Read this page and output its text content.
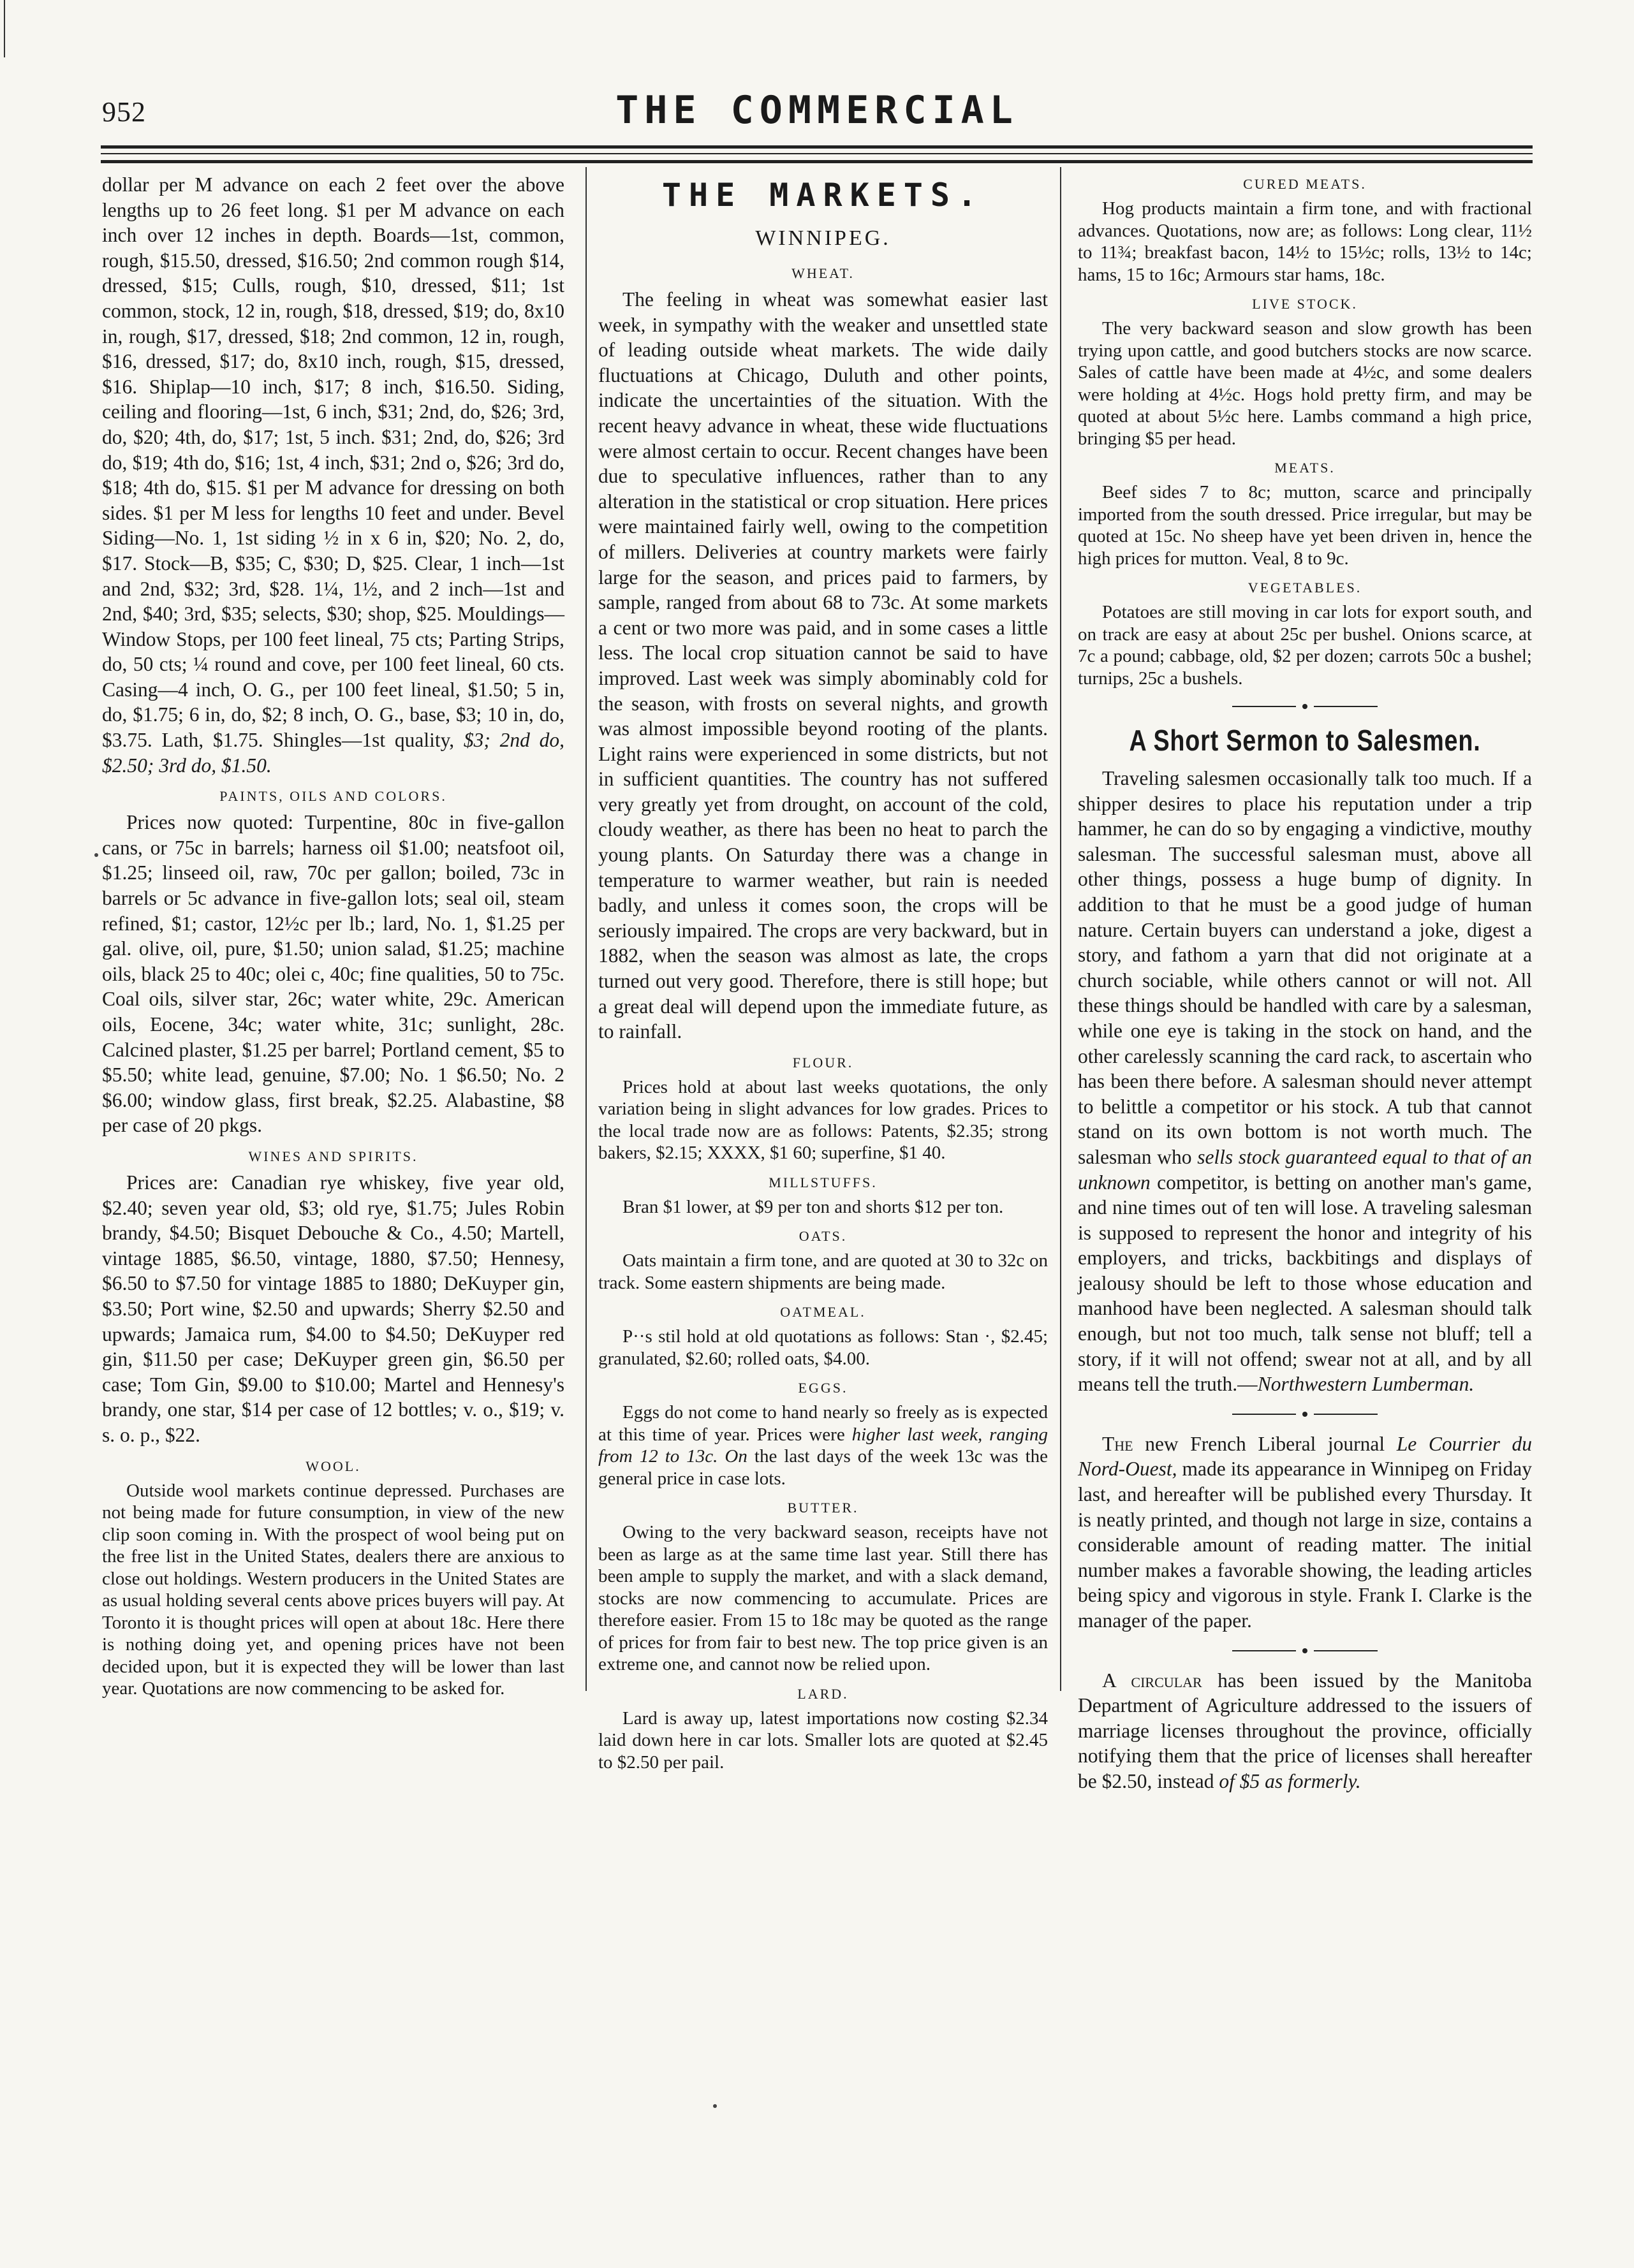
952	THE COMMERCIAL

dollar per M advance on each 2 feet over the above lengths up to 26 feet long. $1 per M advance on each inch over 12 inches in depth. Boards—1st, common, rough, $15.50, dressed, $16.50; 2nd common rough $14, dressed, $15; Culls, rough, $10, dressed, $11; 1st common, stock, 12 in, rough, $18, dressed, $19; do, 8x10 in, rough, $17, dressed, $18; 2nd common, 12 in, rough, $16, dressed, $17; do, 8x10 inch, rough, $15, dressed, $16. Shiplap—10 inch, $17; 8 inch, $16.50. Siding, ceiling and flooring—1st, 6 inch, $31; 2nd, do, $26; 3rd, do, $20; 4th, do, $17; 1st, 5 inch. $31; 2nd, do, $26; 3rd do, $19; 4th do, $16; 1st, 4 inch, $31; 2nd o, $26; 3rd do, $18; 4th do, $15. $1 per M advance for dressing on both sides. $1 per M less for lengths 10 feet and under. Bevel Siding—No. 1, 1st siding ½ in x 6 in, $20; No. 2, do, $17. Stock—B, $35; C, $30; D, $25. Clear, 1 inch—1st and 2nd, $32; 3rd, $28. 1¼, 1½, and 2 inch—1st and 2nd, $40; 3rd, $35; selects, $30; shop, $25. Mouldings—Window Stops, per 100 feet lineal, 75 cts; Parting Strips, do, 50 cts; ¼ round and cove, per 100 feet lineal, 60 cts. Casing—4 inch, O. G., per 100 feet lineal, $1.50; 5 in, do, $1.75; 6 in, do, $2; 8 inch, O. G., base, $3; 10 in, do, $3.75. Lath, $1.75. Shingles—1st quality, $3; 2nd do, $2.50; 3rd do, $1.50.

PAINTS, OILS AND COLORS.

Prices now quoted: Turpentine, 80c in five-gallon cans, or 75c in barrels; harness oil $1.00; neatsfoot oil, $1.25; linseed oil, raw, 70c per gallon; boiled, 73c in barrels or 5c advance in five-gallon lots; seal oil, steam refined, $1; castor, 12½c per lb.; lard, No. 1, $1.25 per gal. olive, oil, pure, $1.50; union salad, $1.25; machine oils, black 25 to 40c; olei c, 40c; fine qualities, 50 to 75c. Coal oils, silver star, 26c; water white, 29c. American oils, Eocene, 34c; water white, 31c; sunlight, 28c. Calcined plaster, $1.25 per barrel; Portland cement, $5 to $5.50; white lead, genuine, $7.00; No. 1 $6.50; No. 2 $6.00; window glass, first break, $2.25. Alabastine, $8 per case of 20 pkgs.

WINES AND SPIRITS.

Prices are: Canadian rye whiskey, five year old, $2.40; seven year old, $3; old rye, $1.75; Jules Robin brandy, $4.50; Bisquet Debouche & Co., 4.50; Martell, vintage 1885, $6.50, vintage, 1880, $7.50; Hennesy, $6.50 to $7.50 for vintage 1885 to 1880; DeKuyper gin, $3.50; Port wine, $2.50 and upwards; Sherry $2.50 and upwards; Jamaica rum, $4.00 to $4.50; DeKuyper red gin, $11.50 per case; DeKuyper green gin, $6.50 per case; Tom Gin, $9.00 to $10.00; Martel and Hennesy's brandy, one star, $14 per case of 12 bottles; v. o., $19; v. s. o. p., $22.

WOOL.

Outside wool markets continue depressed. Purchases are not being made for future consumption, in view of the new clip soon coming in. With the prospect of wool being put on the free list in the United States, dealers there are anxious to close out holdings. Western producers in the United States are as usual holding several cents above prices buyers will pay. At Toronto it is thought prices will open at about 18c. Here there is nothing doing yet, and opening prices have not been decided upon, but it is expected they will be lower than last year. Quotations are now commencing to be asked for.

THE MARKETS.
WINNIPEG.
WHEAT.

The feeling in wheat was somewhat easier last week, in sympathy with the weaker and unsettled state of leading outside wheat markets. The wide daily fluctuations at Chicago, Duluth and other points, indicate the uncertainties of the situation. With the recent heavy advance in wheat, these wide fluctuations were almost certain to occur. Recent changes have been due to speculative influences, rather than to any alteration in the statistical or crop situation. Here prices were maintained fairly well, owing to the competition of millers. Deliveries at country markets were fairly large for the season, and prices paid to farmers, by sample, ranged from about 68 to 73c. At some markets a cent or two more was paid, and in some cases a little less. The local crop situation cannot be said to have improved. Last week was simply abominably cold for the season, with frosts on several nights, and growth was almost impossible beyond rooting of the plants. Light rains were experienced in some districts, but not in sufficient quantities. The country has not suffered very greatly yet from drought, on account of the cold, cloudy weather, as there has been no heat to parch the young plants. On Saturday there was a change in temperature to warmer weather, but rain is needed badly, and unless it comes soon, the crops will be seriously impaired. The crops are very backward, but in 1882, when the season was almost as late, the crops turned out very good. Therefore, there is still hope; but a great deal will depend upon the immediate future, as to rainfall.

FLOUR.

Prices hold at about last weeks quotations, the only variation being in slight advances for low grades. Prices to the local trade now are as follows: Patents, $2.35; strong bakers, $2.15; XXXX, $1 60; superfine, $1 40.

MILLSTUFFS.

Bran $1 lower, at $9 per ton and shorts $12 per ton.

OATS.

Oats maintain a firm tone, and are quoted at 30 to 32c on track. Some eastern shipments are being made.

OATMEAL.

P··s stil hold at old quotations as follows: Stan ·, $2.45; granulated, $2.60; rolled oats, $4.00.

EGGS.

Eggs do not come to hand nearly so freely as is expected at this time of year. Prices were higher last week, ranging from 12 to 13c. On the last days of the week 13c was the general price in case lots.

BUTTER.

Owing to the very backward season, receipts have not been as large as at the same time last year. Still there has been ample to supply the market, and with a slack demand, stocks are now commencing to accumulate. Prices are therefore easier. From 15 to 18c may be quoted as the range of prices for from fair to best new. The top price given is an extreme one, and cannot now be relied upon.

LARD.

Lard is away up, latest importations now costing $2.34 laid down here in car lots. Smaller lots are quoted at $2.45 to $2.50 per pail.

CURED MEATS.

Hog products maintain a firm tone, and with fractional advances. Quotations, now are; as follows: Long clear, 11½ to 11¾; breakfast bacon, 14½ to 15½c; rolls, 13½ to 14c; hams, 15 to 16c; Armours star hams, 18c.

LIVE STOCK.

The very backward season and slow growth has been trying upon cattle, and good butchers stocks are now scarce. Sales of cattle have been made at 4½c, and some dealers were holding at 4½c. Hogs hold pretty firm, and may be quoted at about 5½c here. Lambs command a high price, bringing $5 per head.

MEATS.

Beef sides 7 to 8c; mutton, scarce and principally imported from the south dressed. Price irregular, but may be quoted at 15c. No sheep have yet been driven in, hence the high prices for mutton. Veal, 8 to 9c.

VEGETABLES.

Potatoes are still moving in car lots for export south, and on track are easy at about 25c per bushel. Onions scarce, at 7c a pound; cabbage, old, $2 per dozen; carrots 50c a bushel; turnips, 25c a bushels.

A Short Sermon to Salesmen.

Traveling salesmen occasionally talk too much. If a shipper desires to place his reputation under a trip hammer, he can do so by engaging a vindictive, mouthy salesman. The successful salesman must, above all other things, possess a huge bump of dignity. In addition to that he must be a good judge of human nature. Certain buyers can understand a joke, digest a story, and fathom a yarn that did not originate at a church sociable, while others cannot or will not. All these things should be handled with care by a salesman, while one eye is taking in the stock on hand, and the other carelessly scanning the card rack, to ascertain who has been there before. A salesman should never attempt to belittle a competitor or his stock. A tub that cannot stand on its own bottom is not worth much. The salesman who sells stock guaranteed equal to that of an unknown competitor, is betting on another man's game, and nine times out of ten will lose. A traveling salesman is supposed to represent the honor and integrity of his employers, and tricks, backbitings and displays of jealousy should be left to those whose education and manhood have been neglected. A salesman should talk enough, but not too much, talk sense not bluff; tell a story, if it will not offend; swear not at all, and by all means tell the truth.—Northwestern Lumberman.

The new French Liberal journal Le Courrier du Nord-Ouest, made its appearance in Winnipeg on Friday last, and hereafter will be published every Thursday. It is neatly printed, and though not large in size, contains a considerable amount of reading matter. The initial number makes a favorable showing, the leading articles being spicy and vigorous in style. Frank I. Clarke is the manager of the paper.

A circular has been issued by the Manitoba Department of Agriculture addressed to the issuers of marriage licenses throughout the province, officially notifying them that the price of licenses shall hereafter be $2.50, instead of $5 as formerly.
